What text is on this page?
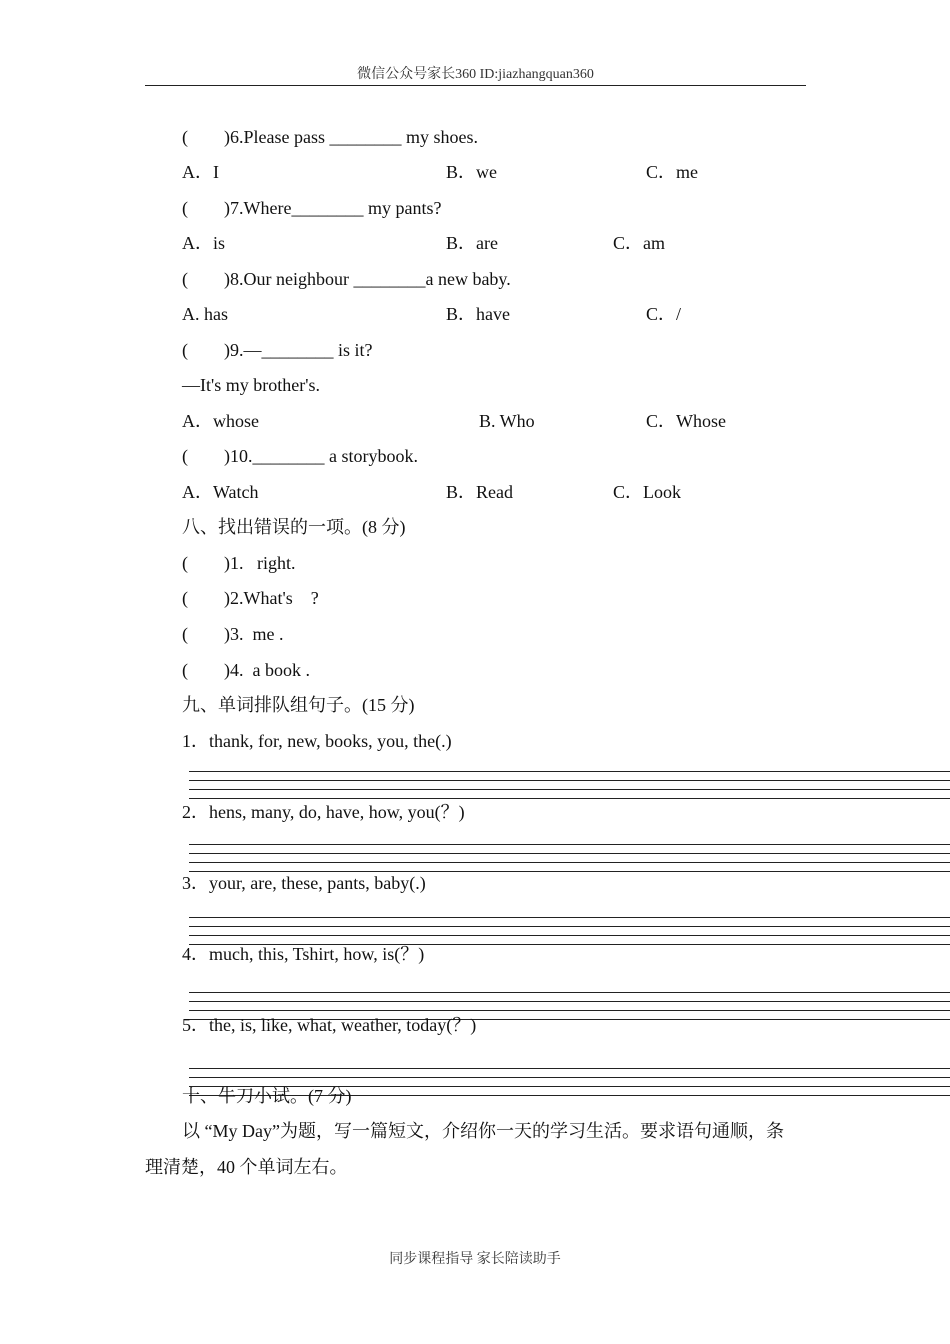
微信公众号家长360 ID:jiazhangquan360
(        )6.Please pass ________ my shoes.
A．I	B．we	C．me
(        )7.Where________ my pants?
A．is	B．are	C．am
(        )8.Our neighbour ________a new baby.
A. has	B．have	C．/
(        )9.—________ is it?
—It's my brother's.
A．whose	B. Who	C．Whose
(        )10.________ a storybook.
A．Watch	B．Read	C．Look
八、找出错误的一项。(8 分)
(        )1.   right.
(        )2.What's    ?
(        )3.  me .
(        )4.  a book .
九、单词排队组句子。(15 分)
1．thank, for, new, books, you, the(.)
2．hens, many, do, have, how, you(？)
3．your, are, these, pants, baby(.)
4．much, this, Tshirt, how, is(？)
5．the, is, like, what, weather, today(？)
十、牛刀小试。(7 分)
以 “My Day”为题，写一篇短文，介绍你一天的学习生活。要求语句通顺，条
理清楚，40 个单词左右。
同步课程指导 家长陪读助手
